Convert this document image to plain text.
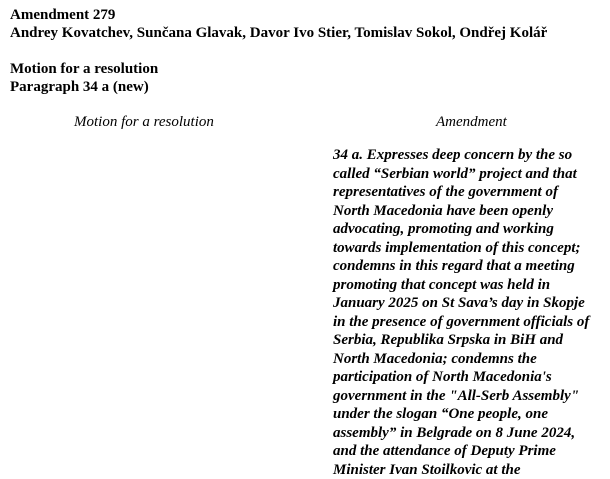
Amendment 279
Andrey Kovatchev, Sunčana Glavak, Davor Ivo Stier, Tomislav Sokol, Ondřej Kolář
Motion for a resolution
Paragraph 34 a (new)
Motion for a resolution	Amendment
34 a. Expresses deep concern by the so
called “Serbian world” project and that
representatives of the government of
North Macedonia have been openly
advocating, promoting and working
towards implementation of this concept;
condemns in this regard that a meeting
promoting that concept was held in
January 2025 on St Sava’s day in Skopje
in the presence of government officials of
Serbia, Republika Srpska in BiH and
North Macedonia; condemns the
participation of North Macedonia's
government in the "All-Serb Assembly"
under the slogan “One people, one
assembly” in Belgrade on 8 June 2024,
and the attendance of Deputy Prime
Minister Ivan Stoilkovic at the
